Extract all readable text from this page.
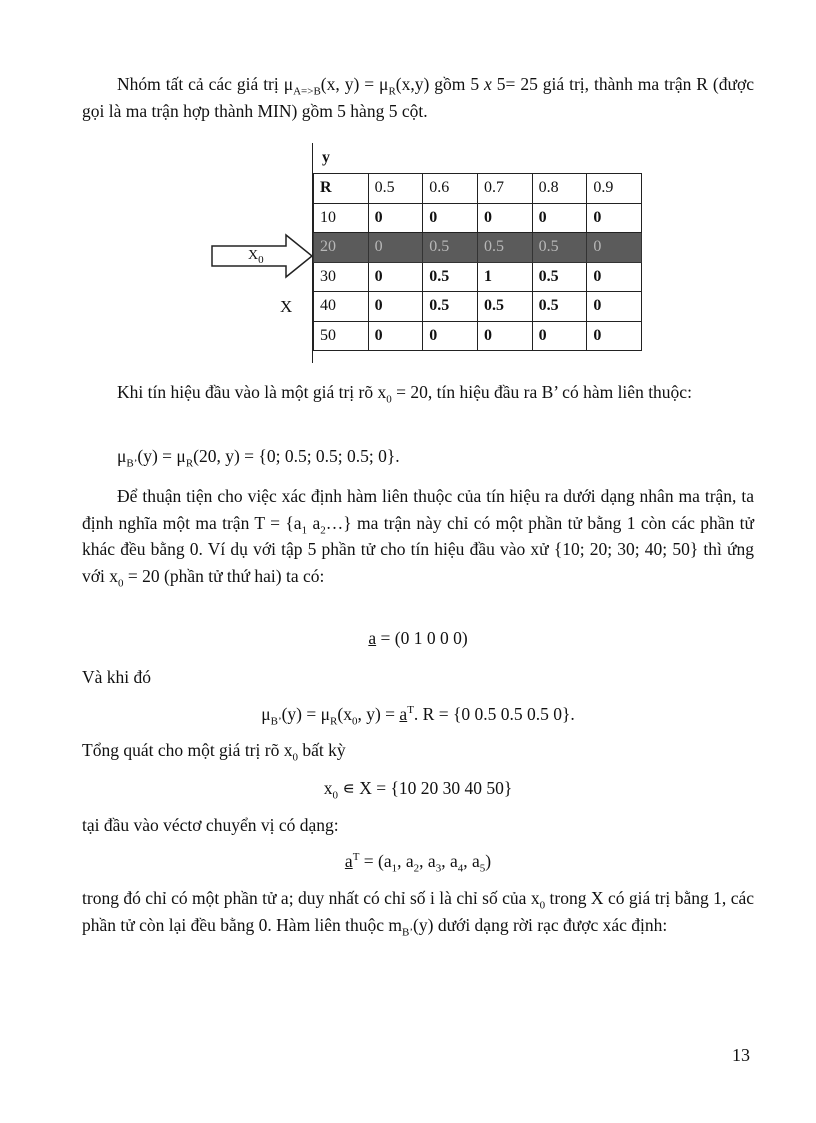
Nhóm tất cả các giá trị $\mu_{A=>B}(x$, $y) = \mu_R(x,y)$ gồm 5 x 5= 25 giá trị, thành ma trận R (được gọi là ma trận hợp thành MIN) gồm 5 hàng 5 cột.

y
R	0.5	0.6	0.7	0.8	0.9
10	0	0	0	0	0
20	0	0.5	0.5	0.5	0
30	0	0.5	1	0.5	0
40	0	0.5	0.5	0.5	0
50	0	0	0	0	0
$X_0$
X

Khi tín hiệu đầu vào là một giá trị rõ $x_0 = 20$, tín hiệu đầu ra B’ có hàm liên thuộc:

$\mu_{B’}(y) = \mu_R(20$, y) = {0; 0.5; 0.5; 0.5; 0}.

Để thuận tiện cho việc xác định hàm liên thuộc của tín hiệu ra dưới dạng nhân ma trận, ta định nghĩa một ma trận $T = \{a_1$ $a_2\dots$} ma trận này chỉ có một phần tử bằng 1 còn các phần tử khác đều bằng 0. Ví dụ với tập 5 phần tử cho tín hiệu đầu vào xử {10; 20; 30; 40; 50} thì ứng với $x_0 = 20$ (phần tử thứ hai) ta có:

a = (0 1 0 0 0)

Và khi đó

$\mu_{B’}(y) = \mu_R(x_0$, $y) = a^T$. R = {0 0.5 0.5 0.5 0}.

Tổng quát cho một giá trị rõ $x_0$ bất kỳ

$x_0$ ∊ X = {10 20 30 40 50}

tại đầu vào véctơ chuyển vị có dạng:

$a^T = (a_1$, $a_2$, $a_3$, $a_4$, $a_5$)

trong đó chỉ có một phần tử a; duy nhất có chỉ số i là chỉ số của $x_0$ trong X có giá trị bằng 1, các phần tử còn lại đều bằng 0. Hàm liên thuộc $m_{B’}(y)$ dưới dạng rời rạc được xác định:

13
